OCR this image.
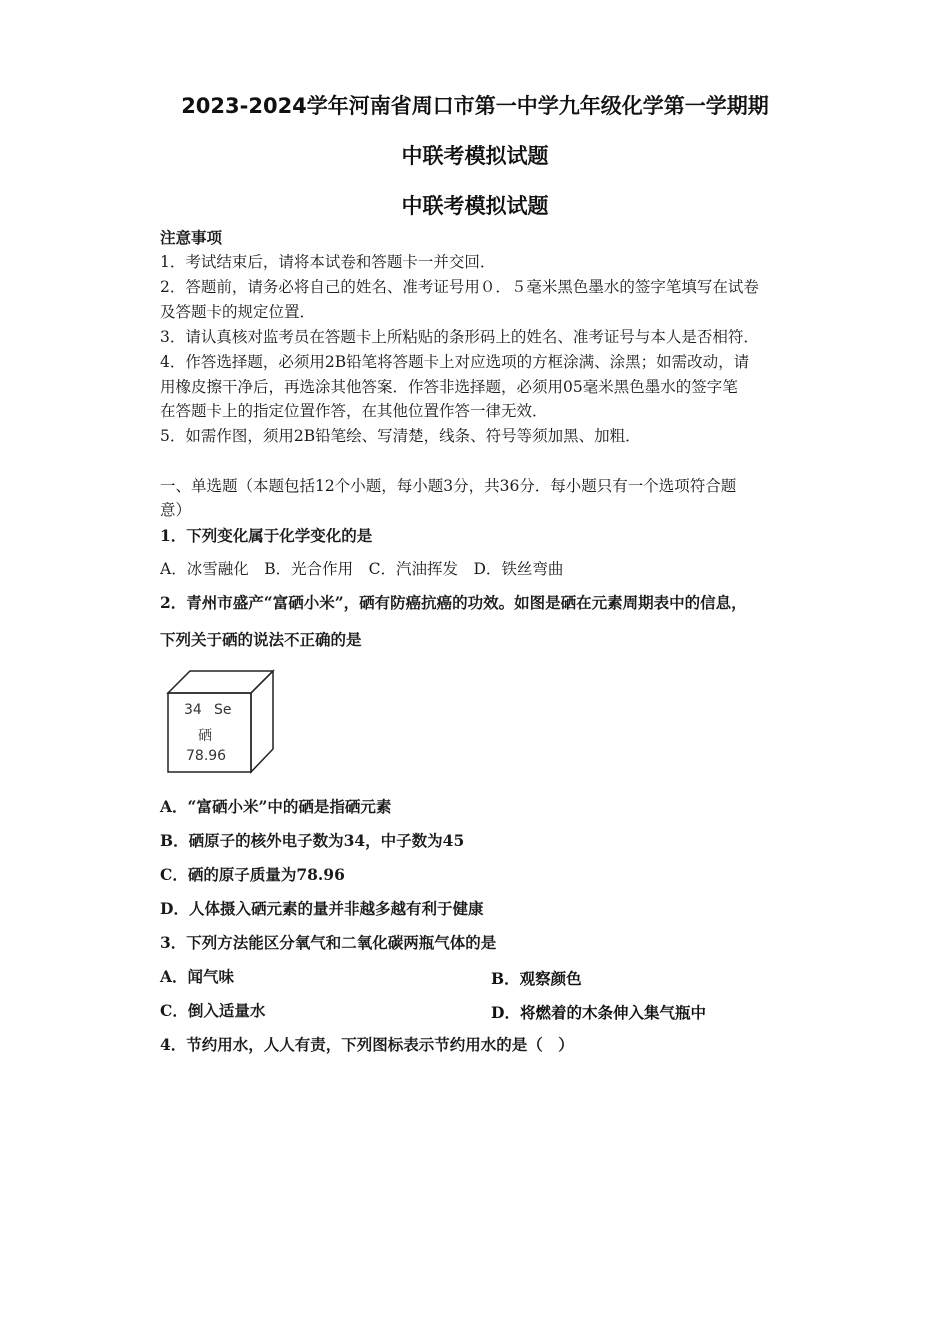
2023-2024学年河南省周口市第一中学九年级化学第一学期期
中联考模拟试题
中联考模拟试题
注意事项
1．考试结束后，请将本试卷和答题卡一并交回．
2．答题前，请务必将自己的姓名、准考证号用０．５毫米黑色墨水的签字笔填写在试卷
及答题卡的规定位置．
3．请认真核对监考员在答题卡上所粘贴的条形码上的姓名、准考证号与本人是否相符．
4．作答选择题，必须用2B铅笔将答题卡上对应选项的方框涂满、涂黑；如需改动，请
用橡皮擦干净后，再选涂其他答案．作答非选择题，必须用05毫米黑色墨水的签字笔
在答题卡上的指定位置作答，在其他位置作答一律无效．
5．如需作图，须用2B铅笔绘、写清楚，线条、符号等须加黑、加粗．
一、单选题（本题包括12个小题，每小题3分，共36分．每小题只有一个选项符合题
意）
1．下列变化属于化学变化的是
A．冰雪融化　B．光合作用　C．汽油挥发　D．铁丝弯曲
2．青州市盛产“富硒小米”，硒有防癌抗癌的功效。如图是硒在元素周期表中的信息，
下列关于硒的说法不正确的是
34 Se
硒
78.96
A．“富硒小米”中的硒是指硒元素
B．硒原子的核外电子数为34，中子数为45
C．硒的原子质量为78.96
D．人体摄入硒元素的量并非越多越有利于健康
3．下列方法能区分氧气和二氧化碳两瓶气体的是
A．闻气味	B．观察颜色
C．倒入适量水	D．将燃着的木条伸入集气瓶中
4．节约用水，人人有责，下列图标表示节约用水的是（　）
